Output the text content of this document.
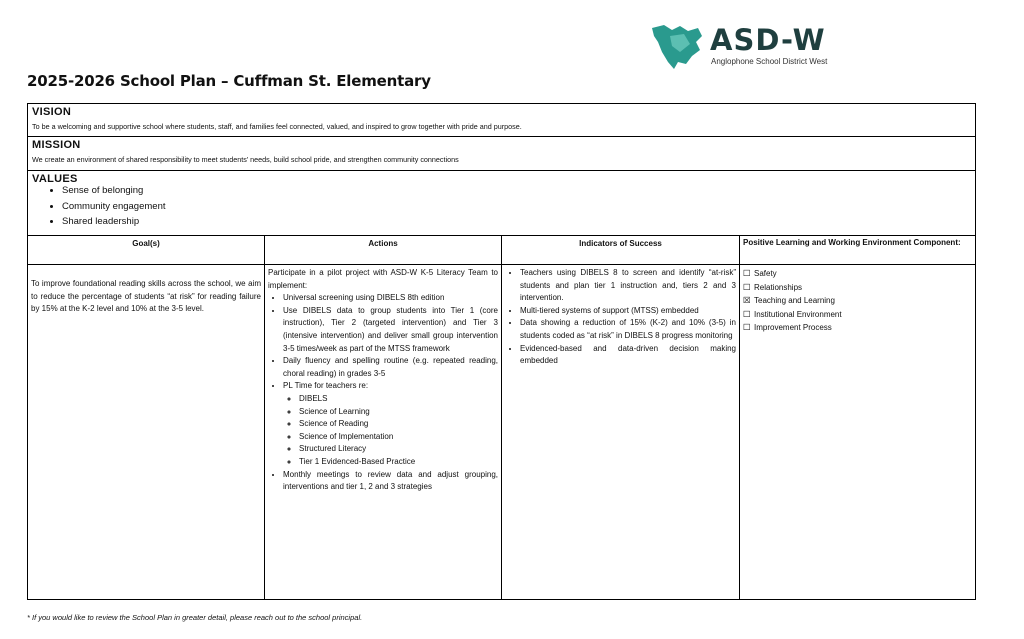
ASD-W
Anglophone School District West
2025-2026 School Plan – Cuffman St. Elementary
VISION
To be a welcoming and supportive school where students, staff, and families feel connected, valued, and inspired to grow together with pride and purpose.
MISSION
We create an environment of shared responsibility to meet students’ needs, build school pride, and strengthen community connections
VALUES
• Sense of belonging
• Community engagement
• Shared leadership
Goal(s)
To improve foundational reading skills across the school, we aim to reduce the percentage of students “at risk” for reading failure by 15% at the K-2 level and 10% at the 3-5 level.
Actions
Participate in a pilot project with ASD-W K-5 Literacy Team to implement:
• Universal screening using DIBELS 8th edition
• Use DIBELS data to group students into Tier 1 (core instruction), Tier 2 (targeted intervention) and Tier 3 (intensive intervention) and deliver small group intervention 3-5 times/week as part of the MTSS framework
• Daily fluency and spelling routine (e.g. repeated reading, choral reading) in grades 3-5
• PL Time for teachers re:
◦ DIBELS
◦ Science of Learning
◦ Science of Reading
◦ Science of Implementation
◦ Structured Literacy
◦ Tier 1 Evidenced-Based Practice
• Monthly meetings to review data and adjust grouping, interventions and tier 1, 2 and 3 strategies
Indicators of Success
• Teachers using DIBELS 8 to screen and identify “at-risk” students and plan tier 1 instruction and, tiers 2 and 3 intervention.
• Multi-tiered systems of support (MTSS) embedded
• Data showing a reduction of 15% (K-2) and 10% (3-5) in students coded as “at risk” in DIBELS 8 progress monitoring
• Evidenced-based and data-driven decision making embedded
Positive Learning and Working Environment Component:
☐ Safety
☐ Relationships
☒ Teaching and Learning
☐ Institutional Environment
☐ Improvement Process
* If you would like to review the School Plan in greater detail, please reach out to the school principal.
